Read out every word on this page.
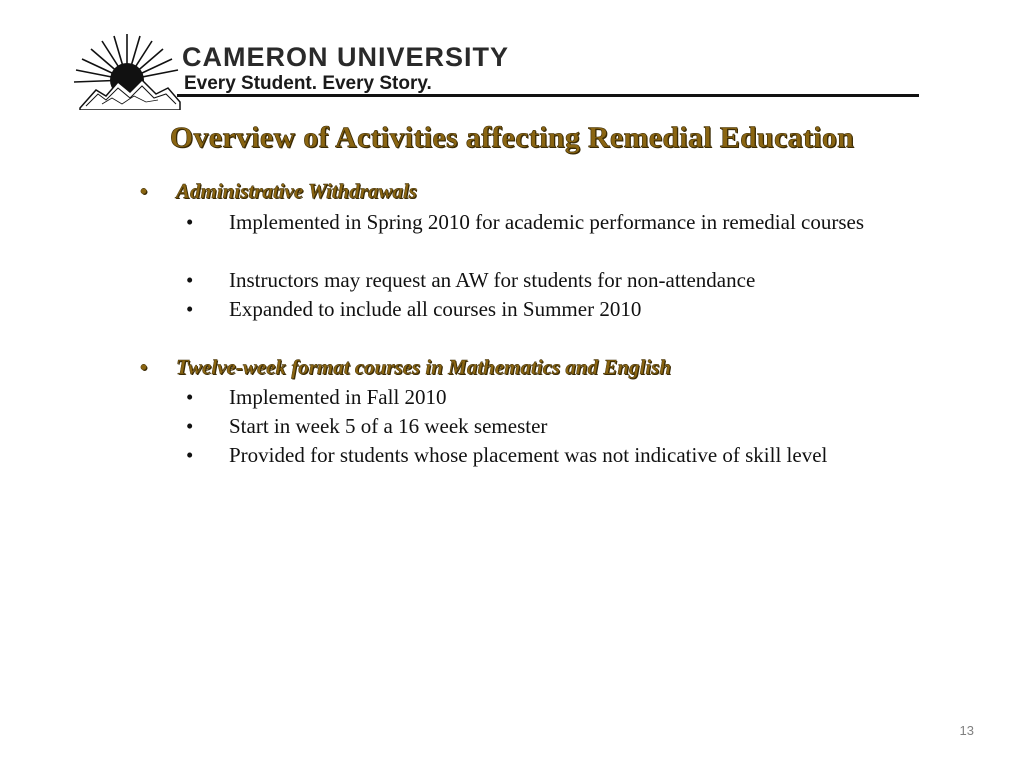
CAMERON UNIVERSITY
Every Student. Every Story.
Overview of Activities affecting Remedial Education
• Administrative Withdrawals
•	Implemented in Spring 2010 for academic performance in remedial courses
•	Instructors may request an AW for students for non-attendance
•	Expanded to include all courses in Summer 2010
• Twelve-week format courses in Mathematics and English
•	Implemented in Fall 2010
•	Start in week 5 of a 16 week semester
•	Provided for students whose placement was not indicative of skill level
13
